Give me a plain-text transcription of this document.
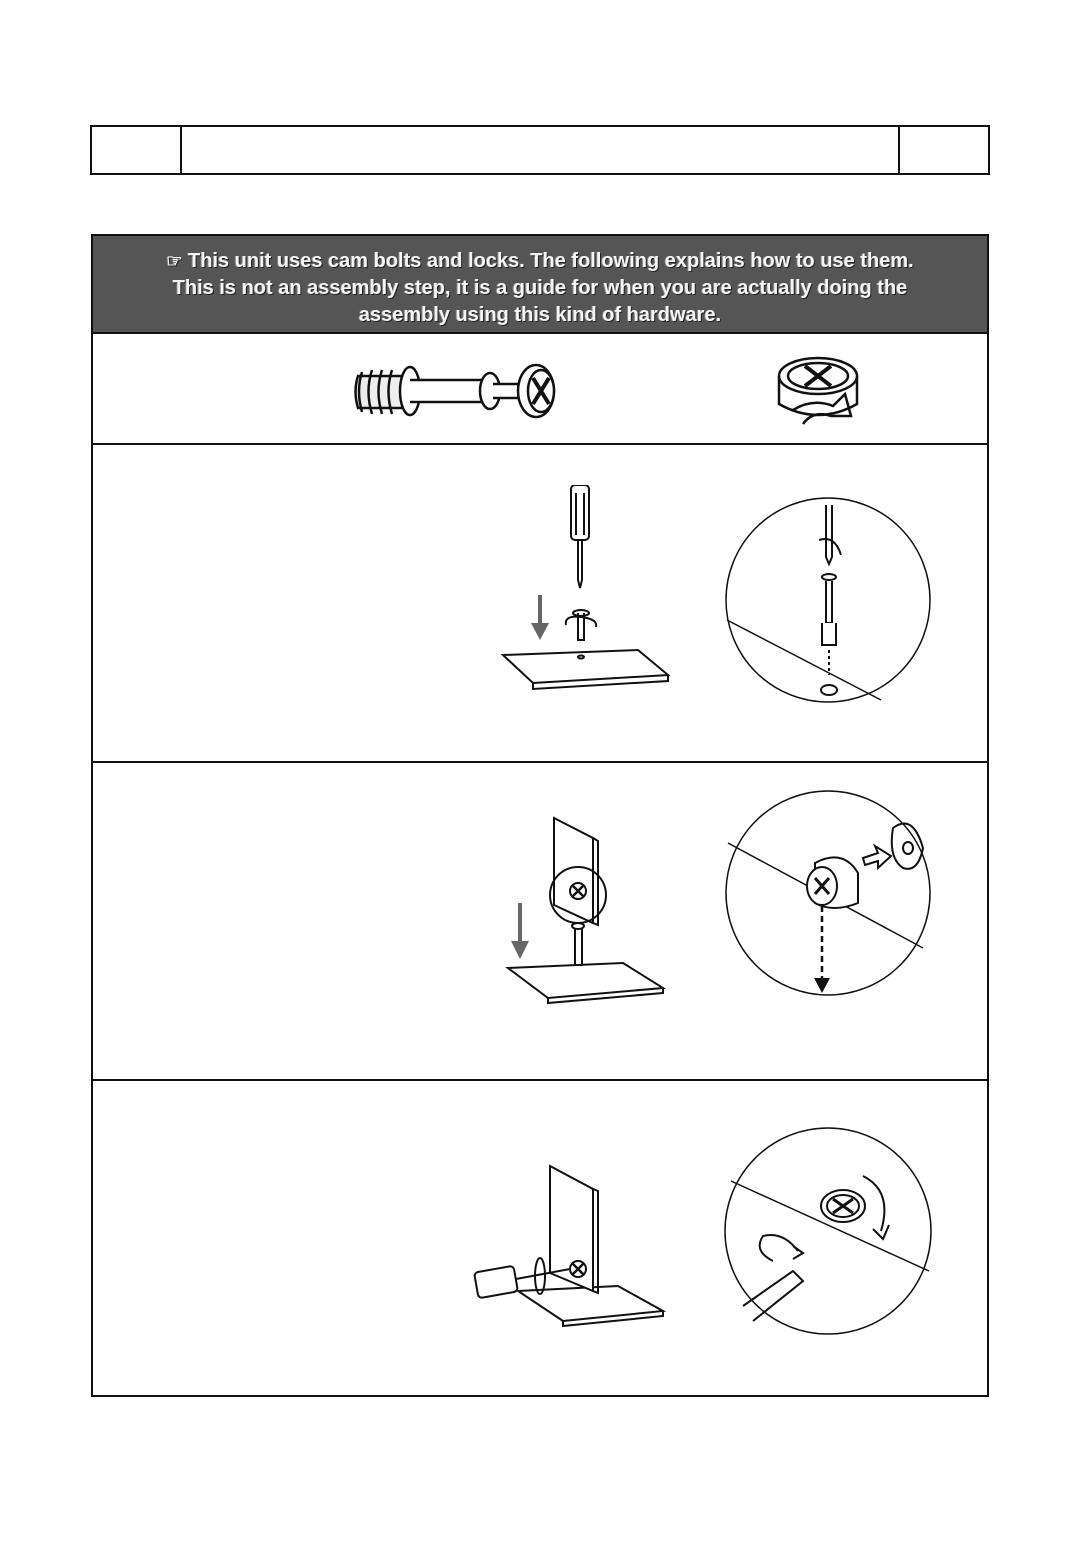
☞ This unit uses cam bolts and locks. The following explains how to use them.
This is not an assembly step, it is a guide for when you are actually doing the
assembly using this kind of hardware.
